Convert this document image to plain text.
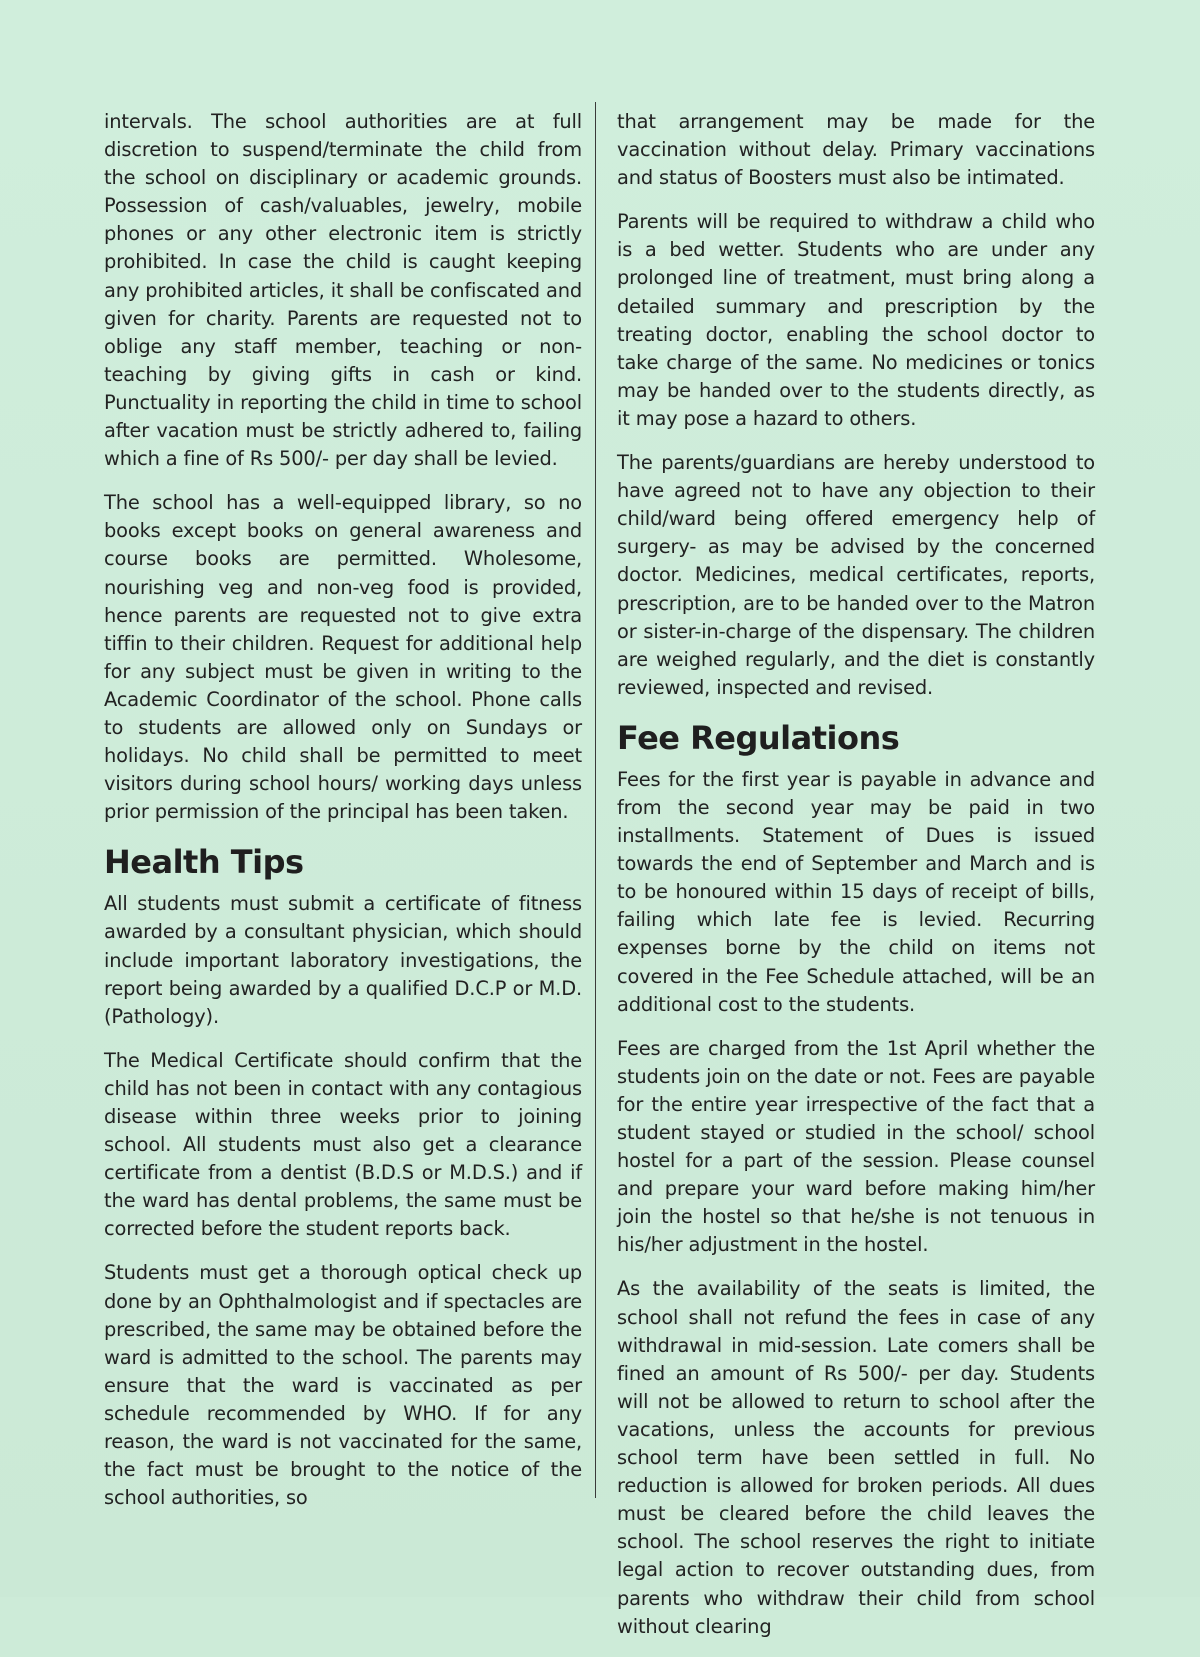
intervals. The school authorities are at full discretion to suspend/terminate the child from the school on disciplinary or academic grounds. Possession of cash/valuables, jewelry, mobile phones or any other electronic item is strictly prohibited. In case the child is caught keeping any prohibited articles, it shall be confiscated and given for charity. Parents are requested not to oblige any staff member, teaching or non-teaching by giving gifts in cash or kind. Punctuality in reporting the child in time to school after vacation must be strictly adhered to, failing which a fine of Rs 500/- per day shall be levied.

The school has a well-equipped library, so no books except books on general awareness and course books are permitted. Wholesome, nourishing veg and non-veg food is provided, hence parents are requested not to give extra tiffin to their children. Request for additional help for any subject must be given in writing to the Academic Coordinator of the school. Phone calls to students are allowed only on Sundays or holidays. No child shall be permitted to meet visitors during school hours/ working days unless prior permission of the principal has been taken.

Health Tips

All students must submit a certificate of fitness awarded by a consultant physician, which should include important laboratory investigations, the report being awarded by a qualified D.C.P or M.D.(Pathology).

The Medical Certificate should confirm that the child has not been in contact with any contagious disease within three weeks prior to joining school. All students must also get a clearance certificate from a dentist (B.D.S or M.D.S.) and if the ward has dental problems, the same must be corrected before the student reports back.

Students must get a thorough optical check up done by an Ophthalmologist and if spectacles are prescribed, the same may be obtained before the ward is admitted to the school. The parents may ensure that the ward is vaccinated as per schedule recommended by WHO. If for any reason, the ward is not vaccinated for the same, the fact must be brought to the notice of the school authorities, so

that arrangement may be made for the vaccination without delay. Primary vaccinations and status of Boosters must also be intimated.

Parents will be required to withdraw a child who is a bed wetter. Students who are under any prolonged line of treatment, must bring along a detailed summary and prescription by the treating doctor, enabling the school doctor to take charge of the same. No medicines or tonics may be handed over to the students directly, as it may pose a hazard to others.

The parents/guardians are hereby understood to have agreed not to have any objection to their child/ward being offered emergency help of surgery- as may be advised by the concerned doctor. Medicines, medical certificates, reports, prescription, are to be handed over to the Matron or sister-in-charge of the dispensary. The children are weighed regularly, and the diet is constantly reviewed, inspected and revised.

Fee Regulations

Fees for the first year is payable in advance and from the second year may be paid in two installments. Statement of Dues is issued towards the end of September and March and is to be honoured within 15 days of receipt of bills, failing which late fee is levied. Recurring expenses borne by the child on items not covered in the Fee Schedule attached, will be an additional cost to the students.

Fees are charged from the 1st April whether the students join on the date or not. Fees are payable for the entire year irrespective of the fact that a student stayed or studied in the school/ school hostel for a part of the session. Please counsel and prepare your ward before making him/her join the hostel so that he/she is not tenuous in his/her adjustment in the hostel.

As the availability of the seats is limited, the school shall not refund the fees in case of any withdrawal in mid-session. Late comers shall be fined an amount of Rs 500/- per day. Students will not be allowed to return to school after the vacations, unless the accounts for previous school term have been settled in full. No reduction is allowed for broken periods. All dues must be cleared before the child leaves the school. The school reserves the right to initiate legal action to recover outstanding dues, from parents who withdraw their child from school without clearing
